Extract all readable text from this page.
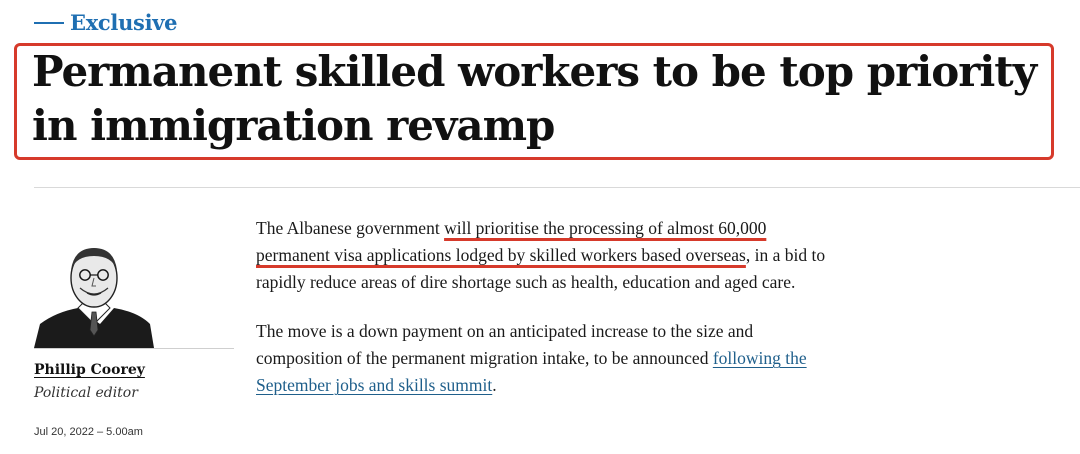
Exclusive
Permanent skilled workers to be top priority in immigration revamp

Phillip Coorey

Political editor

Jul 20, 2022 – 5.00am

The Albanese government will prioritise the processing of almost 60,000 permanent visa applications lodged by skilled workers based overseas, in a bid to rapidly reduce areas of dire shortage such as health, education and aged care.

The move is a down payment on an anticipated increase to the size and composition of the permanent migration intake, to be announced following the September jobs and skills summit.
